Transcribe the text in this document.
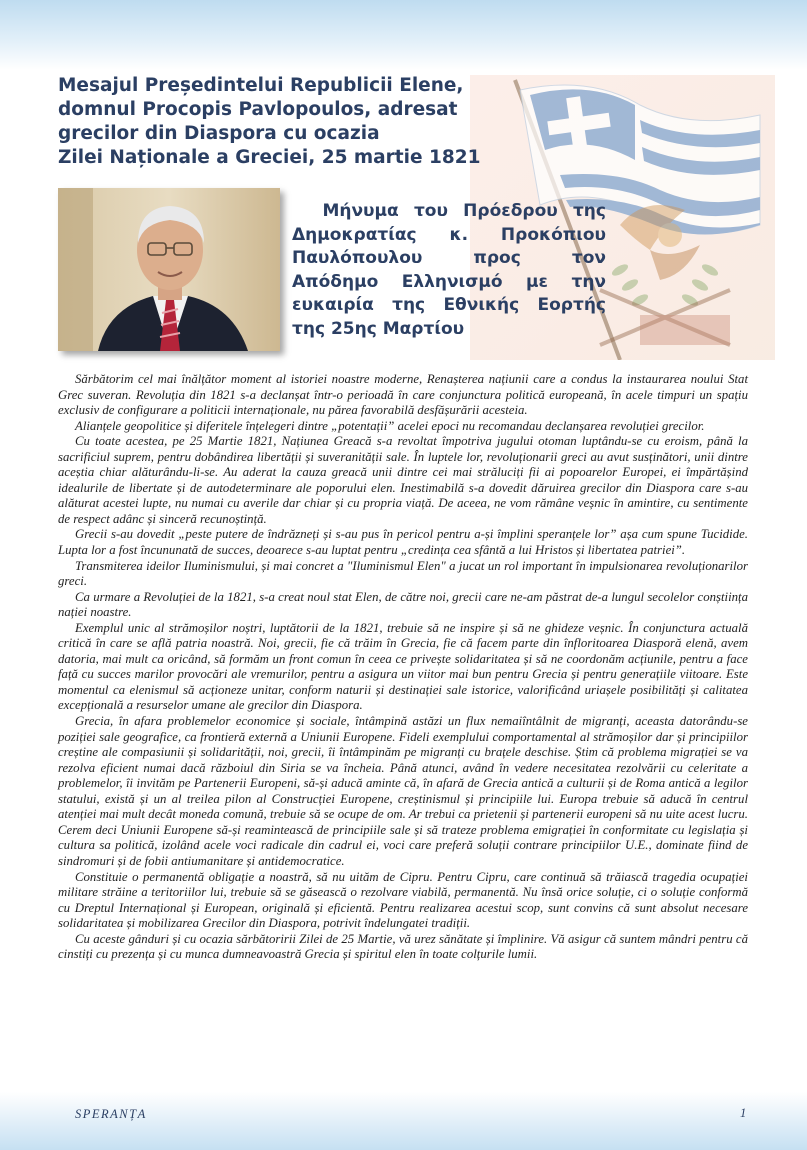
Mesajul Președintelui Republicii Elene,
domnul Procopis Pavlopoulos, adresat
grecilor din Diaspora cu ocazia
Zilei Naționale a Greciei, 25 martie 1821
Μήνυμα του Πρόεδρου της Δημοκρατίας κ. Προκόπιου Παυλόπουλου προς τον Απόδημο Ελληνισμό με την ευκαιρία της Εθνικής Εορτής της 25ης Μαρτίου

Sărbătorim cel mai înălțător moment al istoriei noastre moderne, Renașterea națiunii care a condus la instaurarea noului Stat Grec suveran. Revoluția din 1821 s-a declanșat într-o perioadă în care conjunctura politică europeană, în acele timpuri un spațiu exclusiv de configurare a politicii internaționale, nu părea favorabilă desfășurării acesteia.

Alianțele geopolitice și diferitele înțelegeri dintre „potentații” acelei epoci nu recomandau declanșarea revoluției grecilor.

Cu toate acestea, pe 25 Martie 1821, Națiunea Greacă s-a revoltat împotriva jugului otoman luptându-se cu eroism, până la sacrificiul suprem, pentru dobândirea libertății și suveranității sale. În luptele lor, revoluționarii greci au avut susținători, unii dintre aceștia chiar alăturându-li-se. Au aderat la cauza greacă unii dintre cei mai străluciți fii ai popoarelor Europei, ei împărtășind idealurile de libertate și de autodeterminare ale poporului elen. Inestimabilă s-a dovedit dăruirea grecilor din Diaspora care s-au alăturat acestei lupte, nu numai cu averile dar chiar și cu propria viață. De aceea, ne vom rămâne veșnic în amintire, cu sentimente de respect adânc și sinceră recunoștință.

Grecii s-au dovedit „peste putere de îndrăzneți și s-au pus în pericol pentru a-și împlini speranțele lor” așa cum spune Tucidide. Lupta lor a fost încununată de succes, deoarece s-au luptat pentru „credința cea sfântă a lui Hristos și libertatea patriei”.

Transmiterea ideilor Iluminismului, și mai concret a "Iluminismul Elen" a jucat un rol important în impulsionarea revoluționarilor greci.

Ca urmare a Revoluției de la 1821, s-a creat noul stat Elen, de către noi, grecii care ne-am păstrat de-a lungul secolelor conștiința nației noastre.

Exemplul unic al strămoșilor noștri, luptătorii de la 1821, trebuie să ne inspire și să ne ghideze veșnic. În conjunctura actuală critică în care se află patria noastră. Noi, grecii, fie că trăim în Grecia, fie că facem parte din înfloritoarea Diasporă elenă, avem datoria, mai mult ca oricând, să formăm un front comun în ceea ce privește solidaritatea și să ne coordonăm acțiunile, pentru a face față cu succes marilor provocări ale vremurilor, pentru a asigura un viitor mai bun pentru Grecia și pentru generațiile viitoare. Este momentul ca elenismul să acționeze unitar, conform naturii și destinației sale istorice, valorificând uriașele posibilități și calitatea excepțională a resurselor umane ale grecilor din Diaspora.

Grecia, în afara problemelor economice și sociale, întâmpină astăzi un flux nemaiîntâlnit de migranți, aceasta datorându-se poziției sale geografice, ca frontieră externă a Uniunii Europene. Fideli exemplului comportamental al strămoșilor dar și principiilor creștine ale compasiunii și solidarității, noi, grecii, îi întâmpinăm pe migranți cu brațele deschise. Știm că problema migrației se va rezolva eficient numai dacă războiul din Siria se va încheia. Până atunci, având în vedere necesitatea rezolvării cu celeritate a problemelor, îi invităm pe Partenerii Europeni, să-și aducă aminte că, în afară de Grecia antică a culturii și de Roma antică a legilor statului, există și un al treilea pilon al Construcției Europene, creștinismul și principiile lui. Europa trebuie să aducă în centrul atenției mai mult decât moneda comună, trebuie să se ocupe de om. Ar trebui ca prietenii și partenerii europeni să nu uite acest lucru. Cerem deci Uniunii Europene să-și reamintească de principiile sale și să trateze problema emigrației în conformitate cu legislația și cultura sa politică, izolând acele voci radicale din cadrul ei, voci care preferă soluții contrare principiilor U.E., dominate fiind de sindromuri și de fobii antiumanitare și antidemocratice.

Constituie o permanentă obligație a noastră, să nu uităm de Cipru. Pentru Cipru, care continuă să trăiască tragedia ocupației militare străine a teritoriilor lui, trebuie să se găsească o rezolvare viabilă, permanentă. Nu însă orice soluție, ci o soluție conformă cu Dreptul Internațional și European, originală și eficientă. Pentru realizarea acestui scop, sunt convins că sunt absolut necesare solidaritatea și mobilizarea Grecilor din Diaspora, potrivit îndelungatei tradiții.

Cu aceste gânduri și cu ocazia sărbătoririi Zilei de 25 Martie, vă urez sănătate și împlinire. Vă asigur că suntem mândri pentru că cinstiți cu prezența și cu munca dumneavoastră Grecia și spiritul elen în toate colțurile lumii.

SPERANȚA	1
